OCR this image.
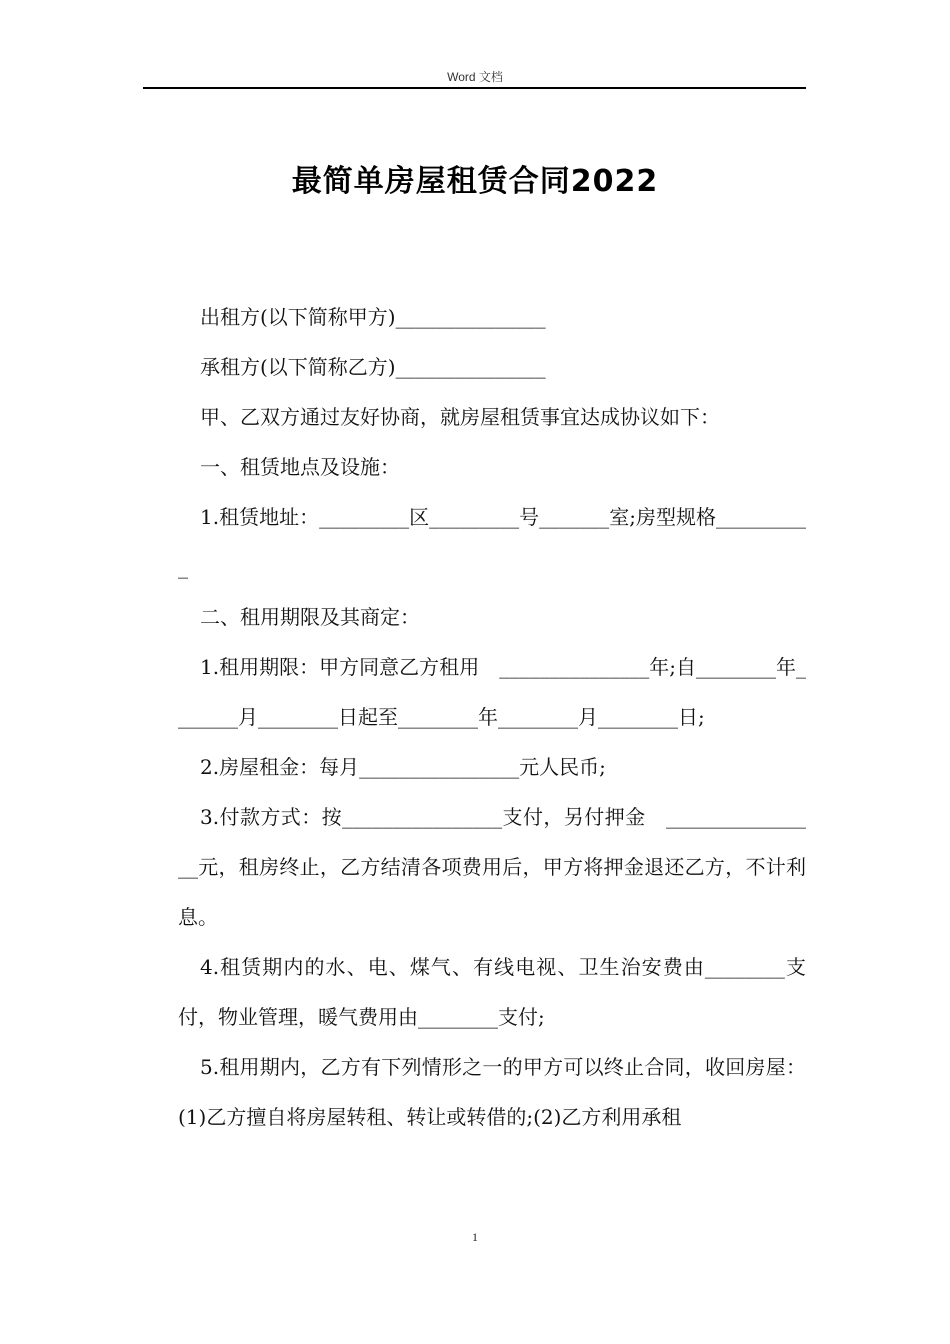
Word 文档
最简单房屋租赁合同2022

出租方(以下简称甲方)_______________

承租方(以下简称乙方)_______________

甲、乙双方通过友好协商，就房屋租赁事宜达成协议如下：

一、租赁地点及设施：

1.租赁地址：_________区_________号_______室;房型规格__________

二、租用期限及其商定：

1.租用期限：甲方同意乙方租用　_______________年;自________年_______月________日起至________年________月________日;

2.房屋租金：每月________________元人民币;

3.付款方式：按________________支付，另付押金　________________元，租房终止，乙方结清各项费用后，甲方将押金退还乙方，不计利息。

4.租赁期内的水、电、煤气、有线电视、卫生治安费由________支付，物业管理，暖气费用由________支付;

5.租用期内，乙方有下列情形之一的甲方可以终止合同，收回房屋：(1)乙方擅自将房屋转租、转让或转借的;(2)乙方利用承租

1
